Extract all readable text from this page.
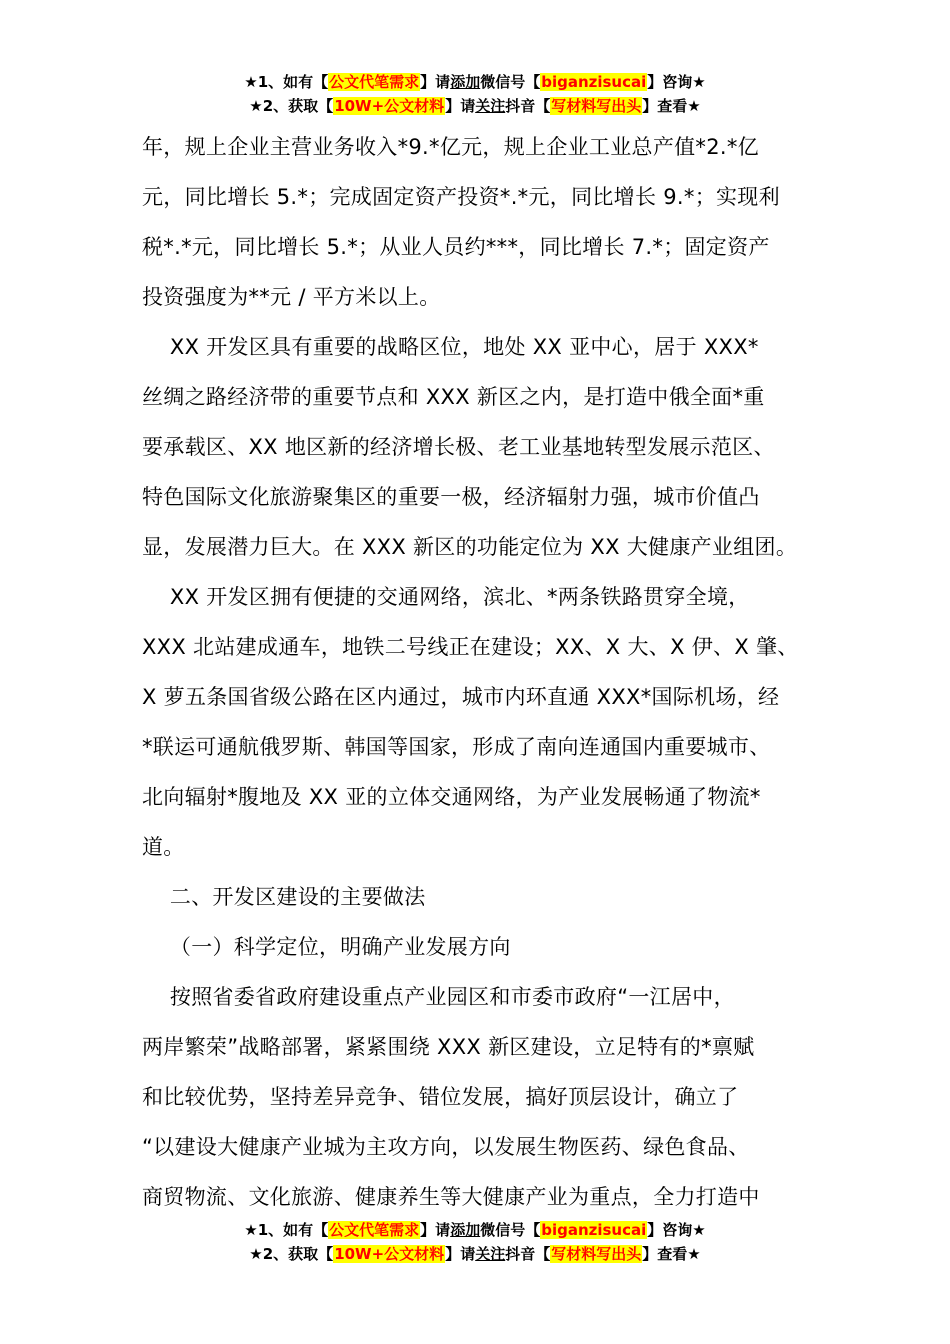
★1、如有【公文代笔需求】请添加微信号【biganzisucai】咨询★
★2、获取【10W+公文材料】请关注抖音【写材料写出头】查看★

年，规上企业主营业务收入*9.*亿元，规上企业工业总产值*2.*亿

元，同比增长 5.*；完成固定资产投资*.*元，同比增长 9.*；实现利

税*.*元，同比增长 5.*；从业人员约***，同比增长 7.*；固定资产

投资强度为**元 / 平方米以上。

XX 开发区具有重要的战略区位，地处 XX 亚中心，居于 XXX*

丝绸之路经济带的重要节点和 XXX 新区之内，是打造中俄全面*重

要承载区、XX 地区新的经济增长极、老工业基地转型发展示范区、

特色国际文化旅游聚集区的重要一极，经济辐射力强，城市价值凸

显，发展潜力巨大。在 XXX 新区的功能定位为 XX 大健康产业组团。

XX 开发区拥有便捷的交通网络，滨北、*两条铁路贯穿全境，

XXX 北站建成通车，地铁二号线正在建设；XX、X 大、X 伊、X 肇、

X 萝五条国省级公路在区内通过，城市内环直通 XXX*国际机场，经

*联运可通航俄罗斯、韩国等国家，形成了南向连通国内重要城市、

北向辐射*腹地及 XX 亚的立体交通网络，为产业发展畅通了物流*

道。

二、开发区建设的主要做法

（一）科学定位，明确产业发展方向

按照省委省政府建设重点产业园区和市委市政府“一江居中，

两岸繁荣”战略部署，紧紧围绕 XXX 新区建设，立足特有的*禀赋

和比较优势，坚持差异竞争、错位发展，搞好顶层设计，确立了

“以建设大健康产业城为主攻方向，以发展生物医药、绿色食品、

商贸物流、文化旅游、健康养生等大健康产业为重点，全力打造中

★1、如有【公文代笔需求】请添加微信号【biganzisucai】咨询★
★2、获取【10W+公文材料】请关注抖音【写材料写出头】查看★
